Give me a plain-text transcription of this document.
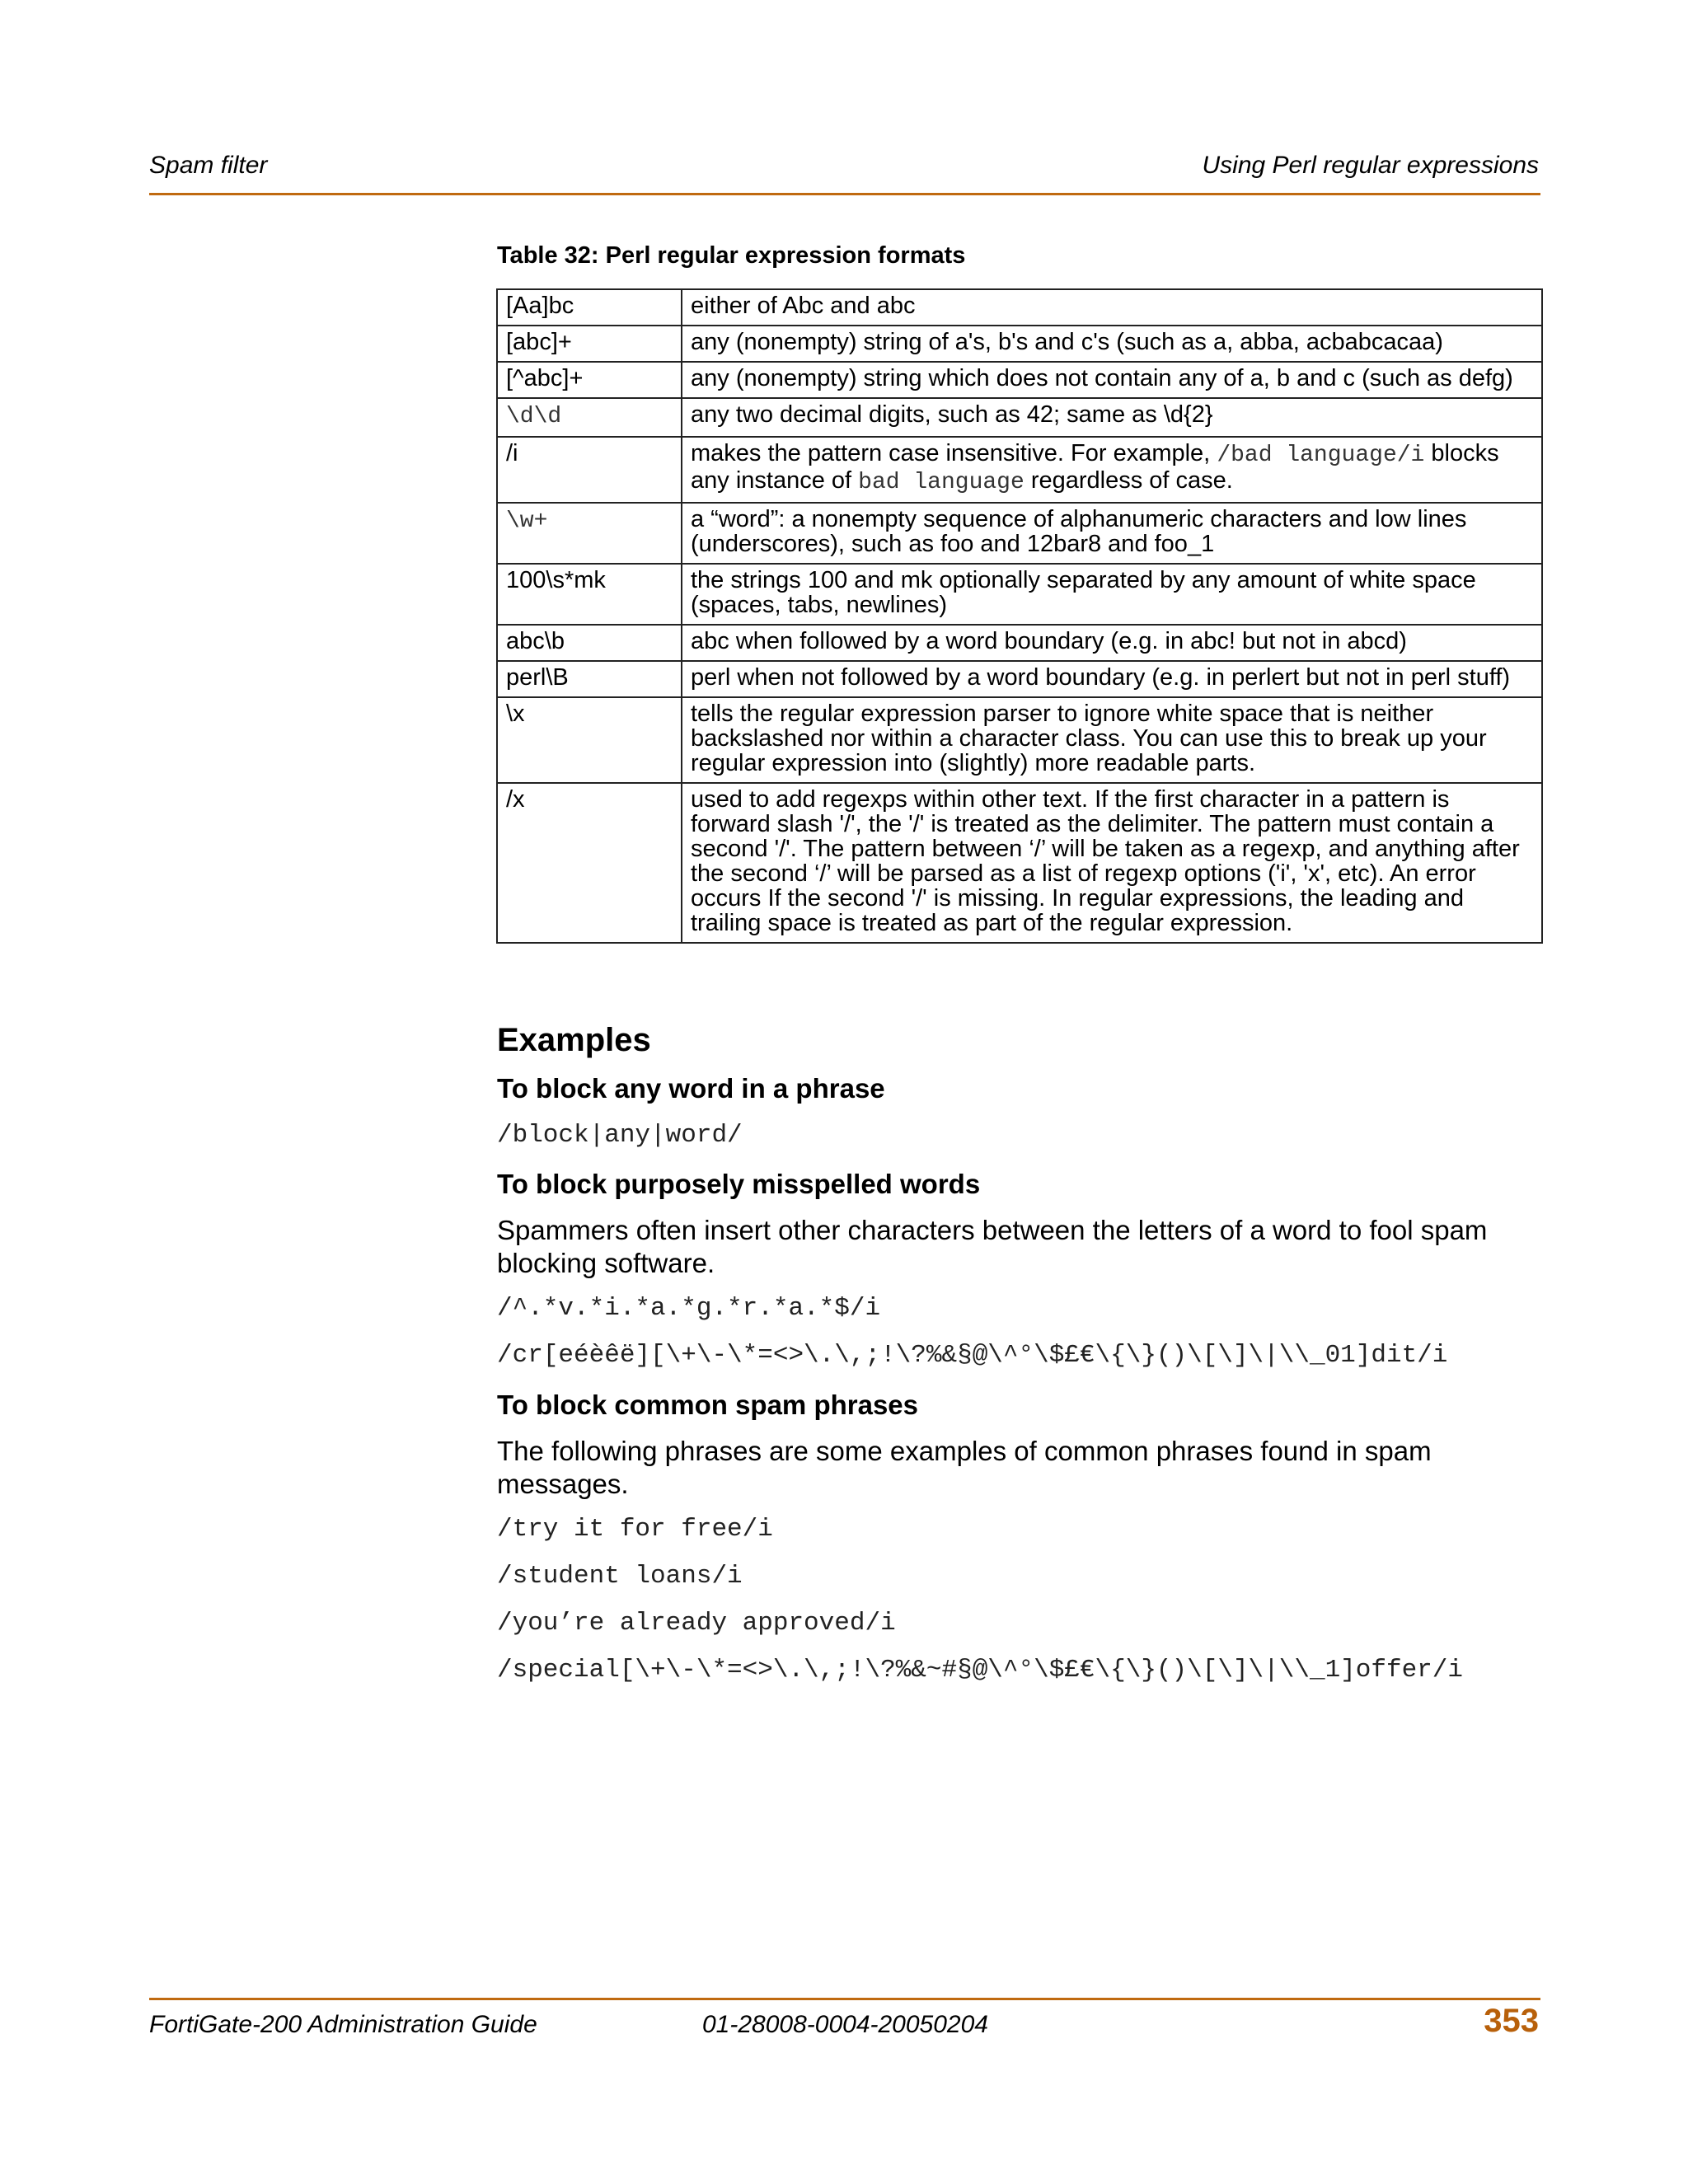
Spam filter	Using Perl regular expressions
Table 32: Perl regular expression formats
[Aa]bc	either of Abc and abc
[abc]+	any (nonempty) string of a's, b's and c's (such as a, abba, acbabcacaa)
[^abc]+	any (nonempty) string which does not contain any of a, b and c (such as defg)
\d\d	any two decimal digits, such as 42; same as \d{2}
/i	makes the pattern case insensitive. For example, /bad language/i blocks any instance of bad language regardless of case.
\w+	a “word”: a nonempty sequence of alphanumeric characters and low lines (underscores), such as foo and 12bar8 and foo_1
100\s*mk	the strings 100 and mk optionally separated by any amount of white space (spaces, tabs, newlines)
abc\b	abc when followed by a word boundary (e.g. in abc! but not in abcd)
perl\B	perl when not followed by a word boundary (e.g. in perlert but not in perl stuff)
\x	tells the regular expression parser to ignore white space that is neither backslashed nor within a character class. You can use this to break up your regular expression into (slightly) more readable parts.
/x	used to add regexps within other text. If the first character in a pattern is forward slash '/', the '/' is treated as the delimiter. The pattern must contain a second '/'. The pattern between ‘/’ will be taken as a regexp, and anything after the second ‘/’ will be parsed as a list of regexp options ('i', 'x', etc). An error occurs If the second '/' is missing. In regular expressions, the leading and trailing space is treated as part of the regular expression.
Examples
To block any word in a phrase
/block|any|word/
To block purposely misspelled words
Spammers often insert other characters between the letters of a word to fool spam blocking software.
/^.*v.*i.*a.*g.*r.*a.*$/i
/cr[eéèêë][\+\-\*=<>\.\,;!\?%&§@\^°\$£€\{\}()\[\]\|\\_01]dit/i
To block common spam phrases
The following phrases are some examples of common phrases found in spam messages.
/try it for free/i
/student loans/i
/you’re already approved/i
/special[\+\-\*=<>\.\,;!\?%&~#§@\^°\$£€\{\}()\[\]\|\\_1]offer/i
FortiGate-200 Administration Guide	01-28008-0004-20050204	353
